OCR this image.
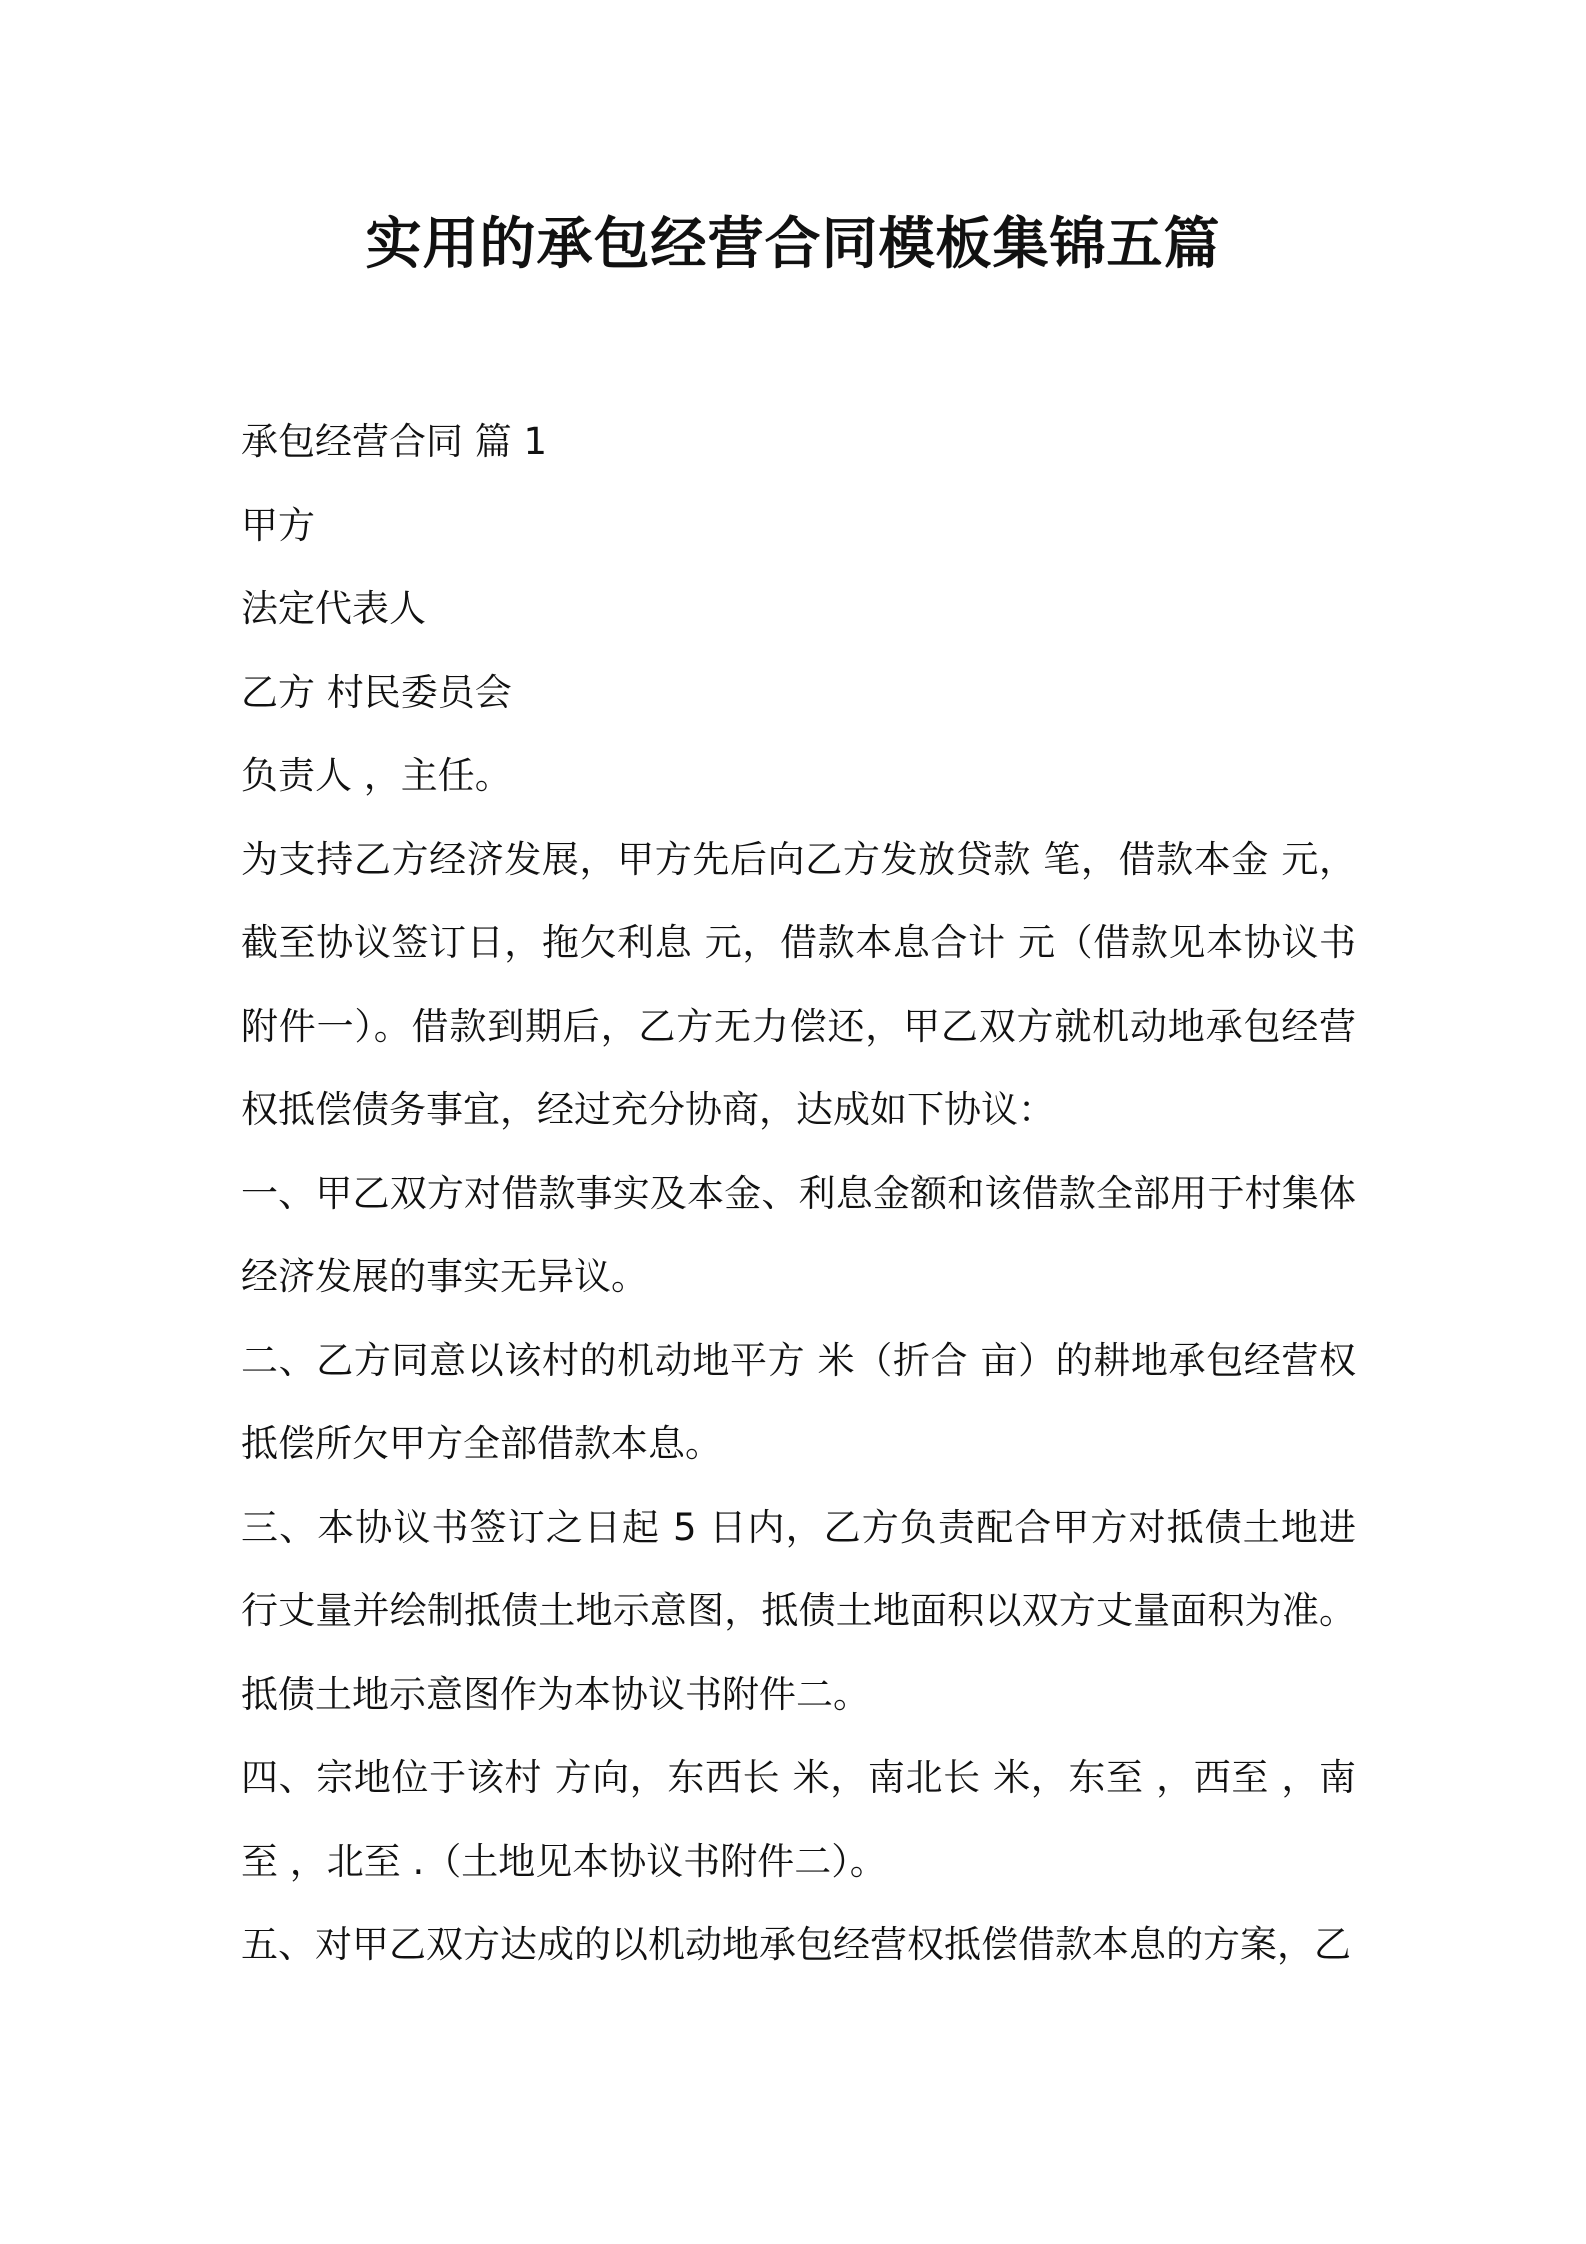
实用的承包经营合同模板集锦五篇

承包经营合同 篇 1

甲方

法定代表人

乙方 村民委员会

负责人 ，主任。

为支持乙方经济发展，甲方先后向乙方发放贷款 笔，借款本金 元，截至协议签订日，拖欠利息 元，借款本息合计 元（借款见本协议书附件一）。借款到期后，乙方无力偿还，甲乙双方就机动地承包经营权抵偿债务事宜，经过充分协商，达成如下协议：

一、甲乙双方对借款事实及本金、利息金额和该借款全部用于村集体经济发展的事实无异议。

二、乙方同意以该村的机动地平方 米（折合 亩）的耕地承包经营权抵偿所欠甲方全部借款本息。

三、本协议书签订之日起 5 日内，乙方负责配合甲方对抵债土地进行丈量并绘制抵债土地示意图，抵债土地面积以双方丈量面积为准。抵债土地示意图作为本协议书附件二。

四、宗地位于该村 方向，东西长 米，南北长 米，东至 ，西至 ，南至 ，北至 .（土地见本协议书附件二）。

五、对甲乙双方达成的以机动地承包经营权抵偿借款本息的方案，乙
